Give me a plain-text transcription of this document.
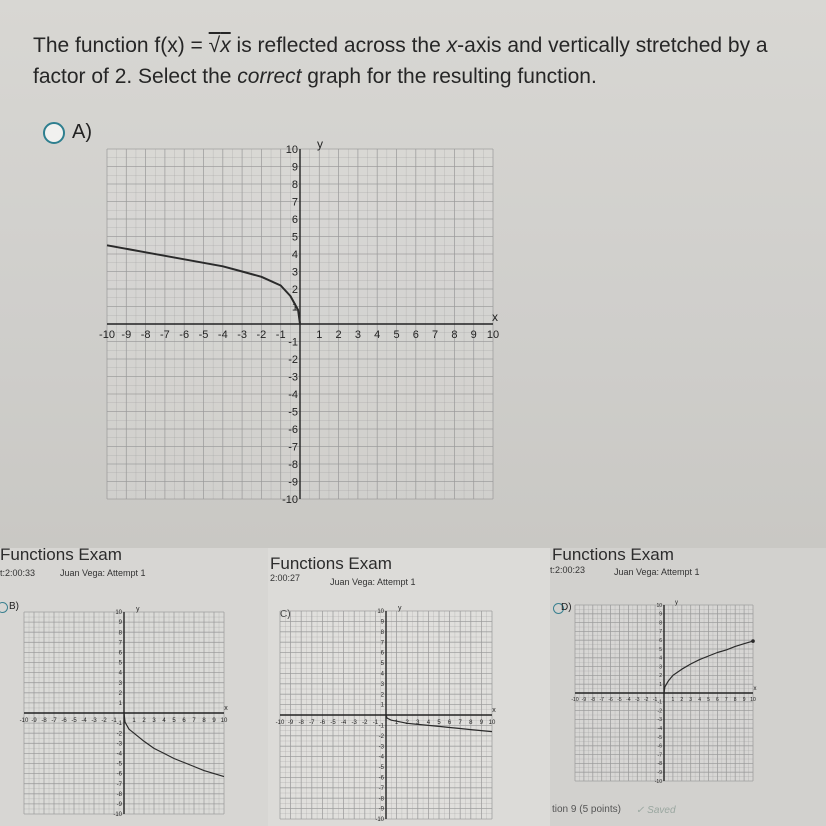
The function f(x) = √x is reflected across the x-axis and vertically stretched by a factor of 2. Select the correct graph for the resulting function.
A)
-10
-10
-9
-9
-8
-8
-7
-7
-6
-6
-5
-5
-4
-4
-3
-3
-2
-2
-1
-1
1
1
2
2
3
3
4
4
5
5
6
6
7
7
8
8
9
9
10
10
x
y
Functions Exam
t:2:00:33	Juan Vega: Attempt 1
B)
Functions Exam
2:00:27	Juan Vega: Attempt 1
Functions Exam
t:2:00:23	Juan Vega: Attempt 1
D)
tion 9 (5 points) ✓ Saved
-10
-10
-9
-9
-8
-8
-7
-7
-6
-6
-5
-5
-4
-4
-3
-3
-2
-2
-1
-1
1
1
2
2
3
3
4
4
5
5
6
6
7
7
8
8
9
9
10
10
x
y
-10
-10
-9
-9
-8
-8
-7
-7
-6
-6
-5
-5
-4
-4
-3
-3
-2
-2
-1
-1
1
1
2
2
3
3
4
4
5
5
6
6
7
7
8
8
9
9
10
10
x
y
-10
-10
-9
-9
-8
-8
-7
-7
-6
-6
-5
-5
-4
-4
-3
-3
-2
-2
-1 -1 1
1
2
2
3
3
4
4
5
5
6
6
7
7
8
8
9
9
10
10
x
y
